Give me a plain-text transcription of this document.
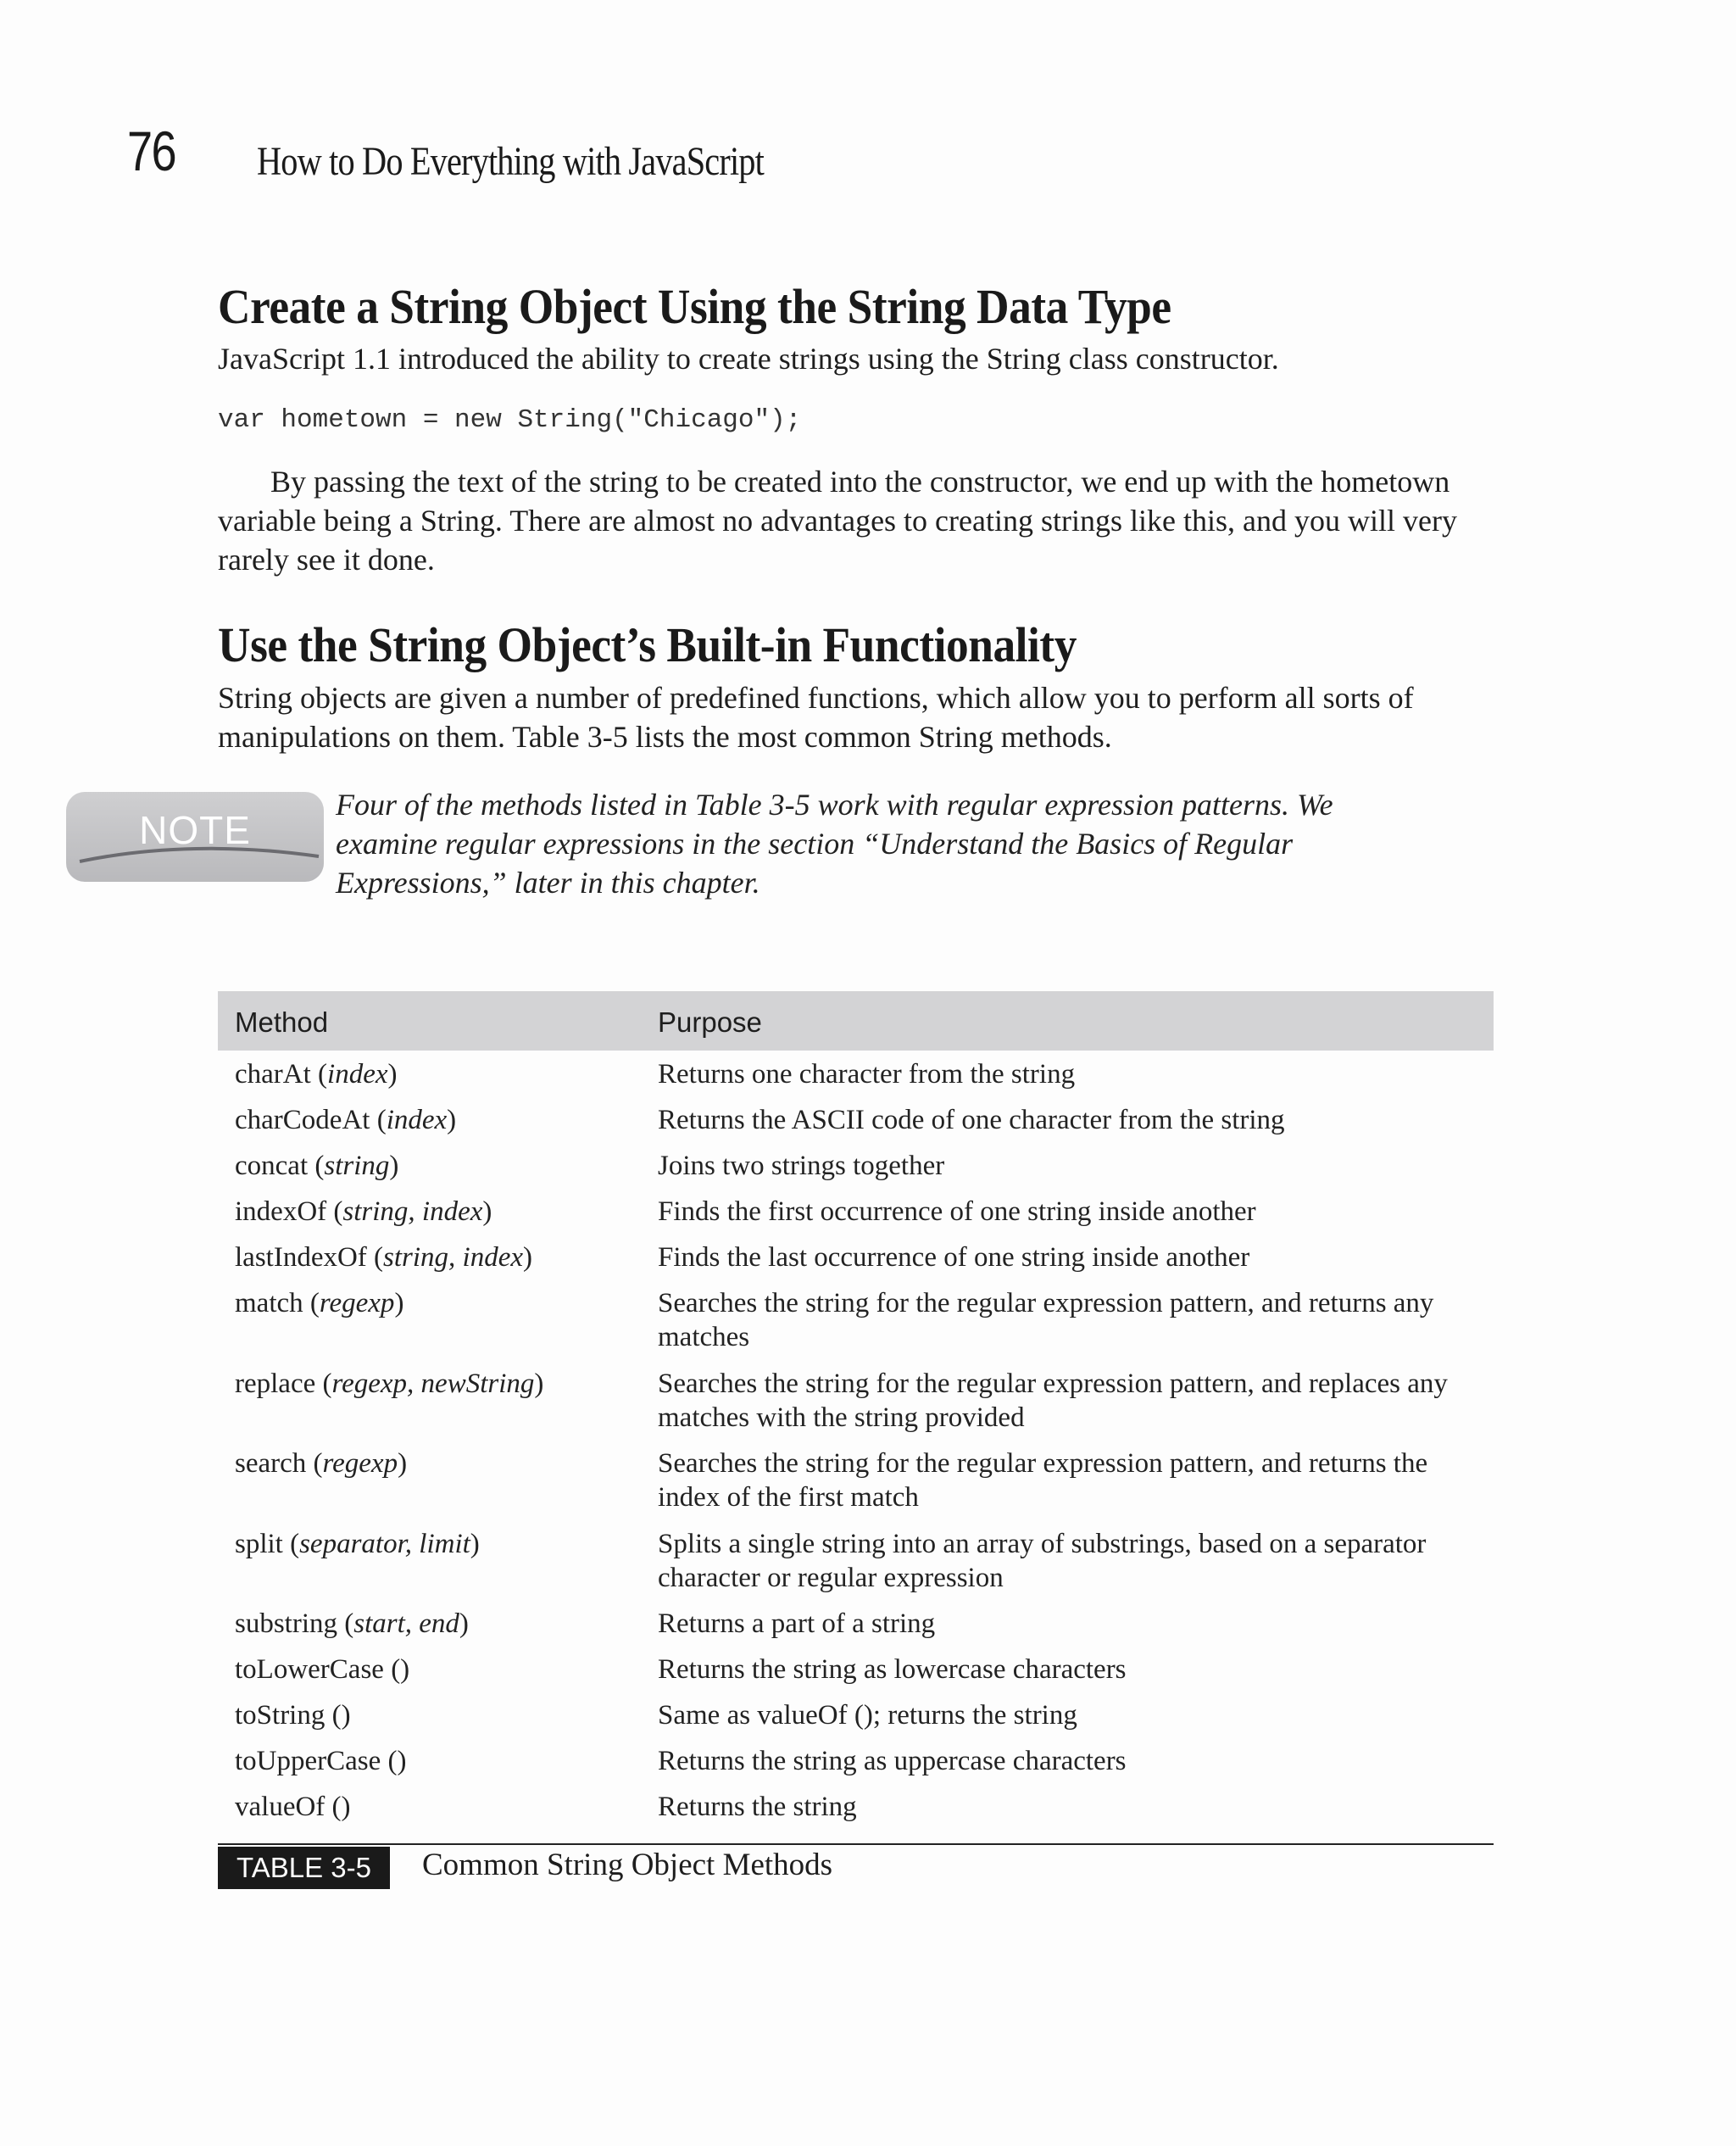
76 How to Do Everything with JavaScript
Create a String Object Using the String Data Type

JavaScript 1.1 introduced the ability to create strings using the String class constructor.

var hometown = new String("Chicago");

By passing the text of the string to be created into the constructor, we end up with the hometown variable being a String. There are almost no advantages to creating strings like this, and you will very rarely see it done.

Use the String Object’s Built-in Functionality

String objects are given a number of predefined functions, which allow you to perform all sorts of manipulations on them. Table 3-5 lists the most common String methods.

NOTE

Four of the methods listed in Table 3-5 work with regular expression patterns. We examine regular expressions in the section “Understand the Basics of Regular Expressions,” later in this chapter.

Method	Purpose
charAt (index)	Returns one character from the string
charCodeAt (index)	Returns the ASCII code of one character from the string
concat (string)	Joins two strings together
indexOf (string, index)	Finds the first occurrence of one string inside another
lastIndexOf (string, index)	Finds the last occurrence of one string inside another
match (regexp)	Searches the string for the regular expression pattern, and returns any matches
replace (regexp, newString)	Searches the string for the regular expression pattern, and replaces any matches with the string provided
search (regexp)	Searches the string for the regular expression pattern, and returns the index of the first match
split (separator, limit)	Splits a single string into an array of substrings, based on a separator character or regular expression
substring (start, end)	Returns a part of a string
toLowerCase ()	Returns the string as lowercase characters
toString ()	Same as valueOf (); returns the string
toUpperCase ()	Returns the string as uppercase characters
valueOf ()	Returns the string
TABLE 3-5	Common String Object Methods
